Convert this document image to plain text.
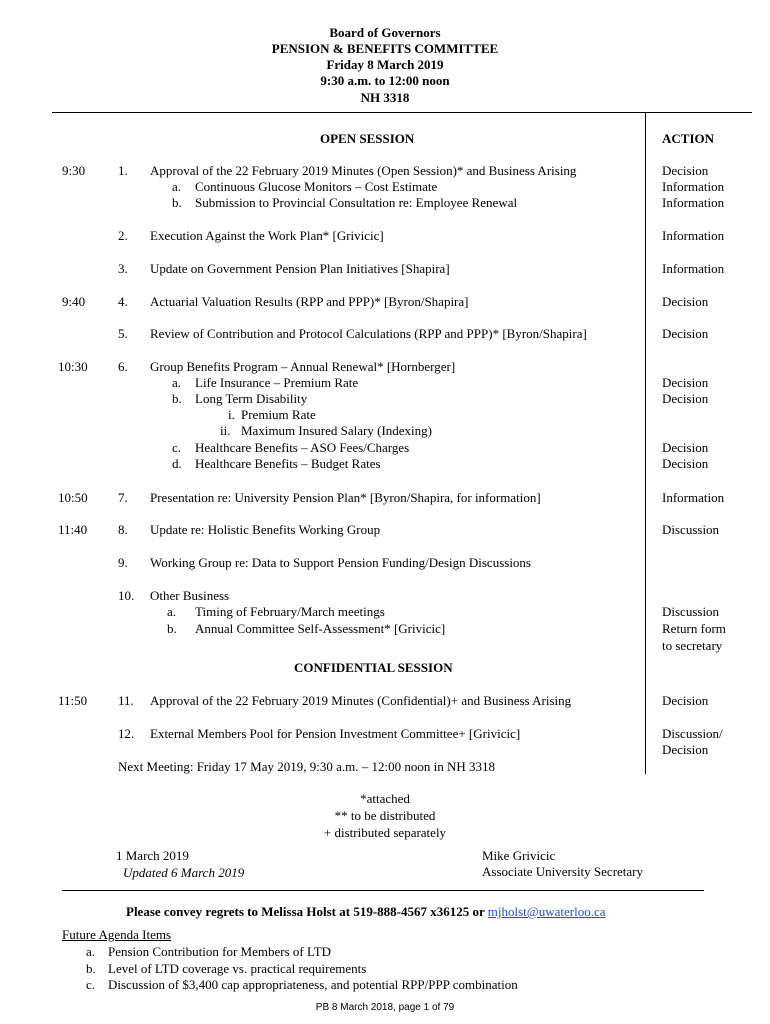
Board of Governors
PENSION & BENEFITS COMMITTEE
Friday 8 March 2019
9:30 a.m. to 12:00 noon
NH 3318
OPEN SESSION	ACTION
9:30	1. Approval of the 22 February 2019 Minutes (Open Session)* and Business Arising	Decision
a. Continuous Glucose Monitors – Cost Estimate	Information
b. Submission to Provincial Consultation re: Employee Renewal	Information
2. Execution Against the Work Plan* [Grivicic]	Information
3. Update on Government Pension Plan Initiatives [Shapira]	Information
9:40	4. Actuarial Valuation Results (RPP and PPP)* [Byron/Shapira]	Decision
5. Review of Contribution and Protocol Calculations (RPP and PPP)* [Byron/Shapira]	Decision
10:30 6. Group Benefits Program – Annual Renewal* [Hornberger]
a. Life Insurance – Premium Rate	Decision
b. Long Term Disability	Decision
i. Premium Rate
ii. Maximum Insured Salary (Indexing)
c. Healthcare Benefits – ASO Fees/Charges	Decision
d. Healthcare Benefits – Budget Rates	Decision
10:50 7. Presentation re: University Pension Plan* [Byron/Shapira, for information]	Information
11:40 8. Update re: Holistic Benefits Working Group	Discussion
9. Working Group re: Data to Support Pension Funding/Design Discussions
10. Other Business
a. Timing of February/March meetings	Discussion
b. Annual Committee Self-Assessment* [Grivicic]	Return form
to secretary
CONFIDENTIAL SESSION
11:50 11. Approval of the 22 February 2019 Minutes (Confidential)+ and Business Arising	Decision
12. External Members Pool for Pension Investment Committee+ [Grivicic]	Discussion/
Decision
Next Meeting: Friday 17 May 2019, 9:30 a.m. – 12:00 noon in NH 3318
*attached
** to be distributed
+ distributed separately
1 March 2019
Updated 6 March 2019
Mike Grivicic
Associate University Secretary
Please convey regrets to Melissa Holst at 519-888-4567 x36125 or mjholst@uwaterloo.ca
Future Agenda Items
a. Pension Contribution for Members of LTD
b. Level of LTD coverage vs. practical requirements
c. Discussion of $3,400 cap appropriateness, and potential RPP/PPP combination
PB 8 March 2018, page 1 of 79
